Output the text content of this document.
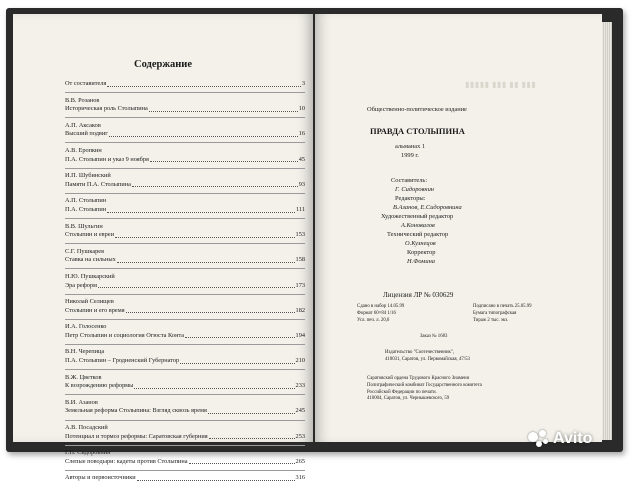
Содержание
От составителя	3
В.В. Розанов
Историческая роль Столыпина	10
А.П. Аксаков
Высший подвиг	16
А.В. Еропкин
П.А. Столыпин и указ 9 ноября	45
И.П. Шубинский
Памяти П.А. Столыпина	93
А.П. Столыпин
П.А. Столыпин	111
В.В. Шульгин
Столыпин и евреи	153
С.Г. Пушкарев
Ставка на сильных	158
Н.Ю. Пушкарский
Эра реформ	173
Николай Селищев
Столыпин и его время	182
И.А. Голосенко
Петр Столыпин и социология Огюста Конта	194
В.Н. Черепица
П.А. Столыпин – Гродненский Губернатор	210
В.Ж. Цветков
К возрождению реформы	233
В.И. Азанов
Земельная реформа Столыпина: Взгляд сквозь время	245
А.В. Посадский
Потенциал и тормоз реформы: Саратовская губерния	253
Г.П. Сидоровнин
Слепые поводыри: кадеты против Столыпина	265
Авторы и первоисточники	316
▮▮▮▮▮ ▮▮▮ ▮▮ ▮▮▮
Общественно-политическое издание
ПРАВДА СТОЛЫПИНА
альманах 1
1999 г.
Составитель:
Г. Сидоровнин
Редакторы:
В.Азанов, Е.Сидоровнина
Художественный редактор
А.Коновалов
Технический редактор
О.Кузнецов
Корректор
Н.Фомина
Лицензия ЛР № 030629
Сдано в набор 14.05.99
Формат 60×84 1/16
Усл. печ. л. 20,0
Подписано в печать 25.05.99
Бумага типографская
Тираж 2 тыс. экз.
Заказ № 1683
Издательство "Соотечественник",
410031, Саратов, ул. Первомайская, 47/53
Саратовский ордена Трудового Красного Знамени
Полиграфический комбинат Государственного комитета
Российской Федерации по печати.
410004, Саратов, ул. Чернышевского, 59
Avito
